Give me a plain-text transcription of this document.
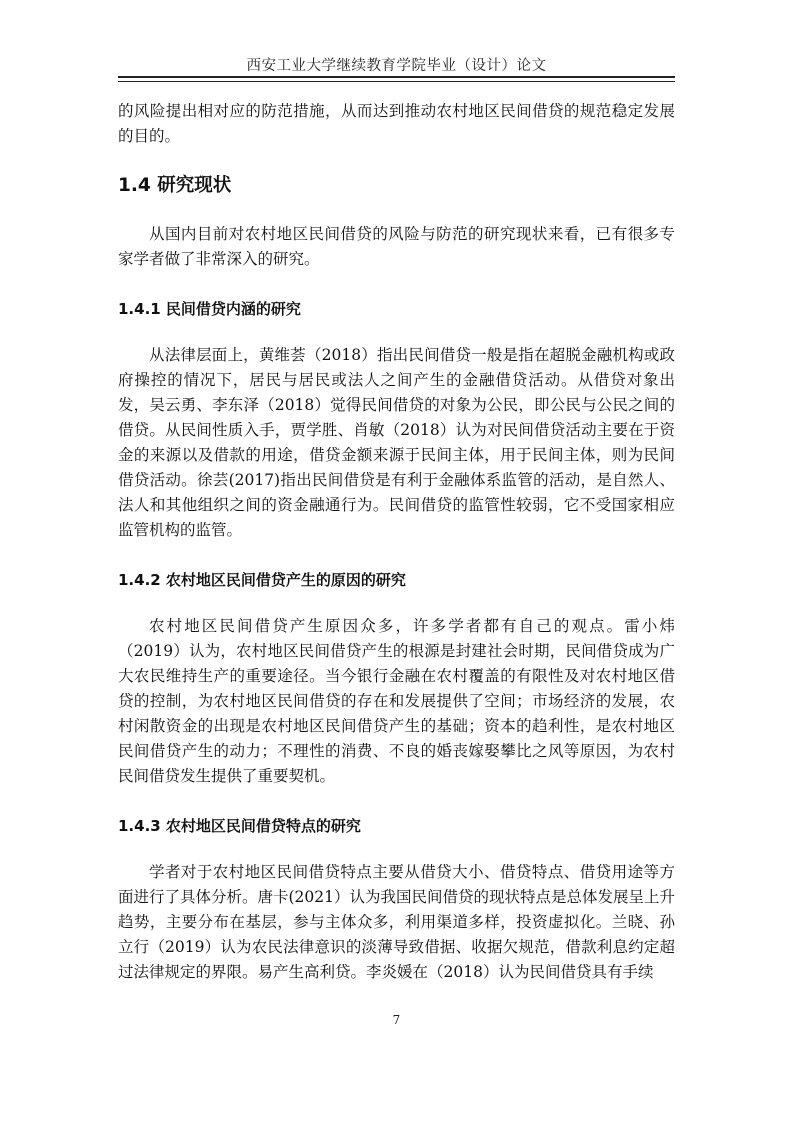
西安工业大学继续教育学院毕业（设计）论文

的风险提出相对应的防范措施，从而达到推动农村地区民间借贷的规范稳定发展的目的。

1.4 研究现状

从国内目前对农村地区民间借贷的风险与防范的研究现状来看，已有很多专家学者做了非常深入的研究。

1.4.1 民间借贷内涵的研究

从法律层面上，黄维荟（2018）指出民间借贷一般是指在超脱金融机构或政府操控的情况下，居民与居民或法人之间产生的金融借贷活动。从借贷对象出发，吴云勇、李东泽（2018）觉得民间借贷的对象为公民，即公民与公民之间的借贷。从民间性质入手，贾学胜、肖敏（2018）认为对民间借贷活动主要在于资金的来源以及借款的用途，借贷金额来源于民间主体，用于民间主体，则为民间借贷活动。徐芸(2017)指出民间借贷是有利于金融体系监管的活动，是自然人、法人和其他组织之间的资金融通行为。民间借贷的监管性较弱，它不受国家相应监管机构的监管。

1.4.2 农村地区民间借贷产生的原因的研究

农村地区民间借贷产生原因众多，许多学者都有自己的观点。雷小炜（2019）认为，农村地区民间借贷产生的根源是封建社会时期，民间借贷成为广大农民维持生产的重要途径。当今银行金融在农村覆盖的有限性及对农村地区借贷的控制，为农村地区民间借贷的存在和发展提供了空间；市场经济的发展，农村闲散资金的出现是农村地区民间借贷产生的基础；资本的趋利性，是农村地区民间借贷产生的动力；不理性的消费、不良的婚丧嫁娶攀比之风等原因，为农村民间借贷发生提供了重要契机。

1.4.3 农村地区民间借贷特点的研究

学者对于农村地区民间借贷特点主要从借贷大小、借贷特点、借贷用途等方面进行了具体分析。唐卡(2021）认为我国民间借贷的现状特点是总体发展呈上升趋势，主要分布在基层，参与主体众多，利用渠道多样，投资虚拟化。兰晓、孙立行（2019）认为农民法律意识的淡薄导致借据、收据欠规范，借款利息约定超过法律规定的界限。易产生高利贷。李炎媛在（2018）认为民间借贷具有手续

7
